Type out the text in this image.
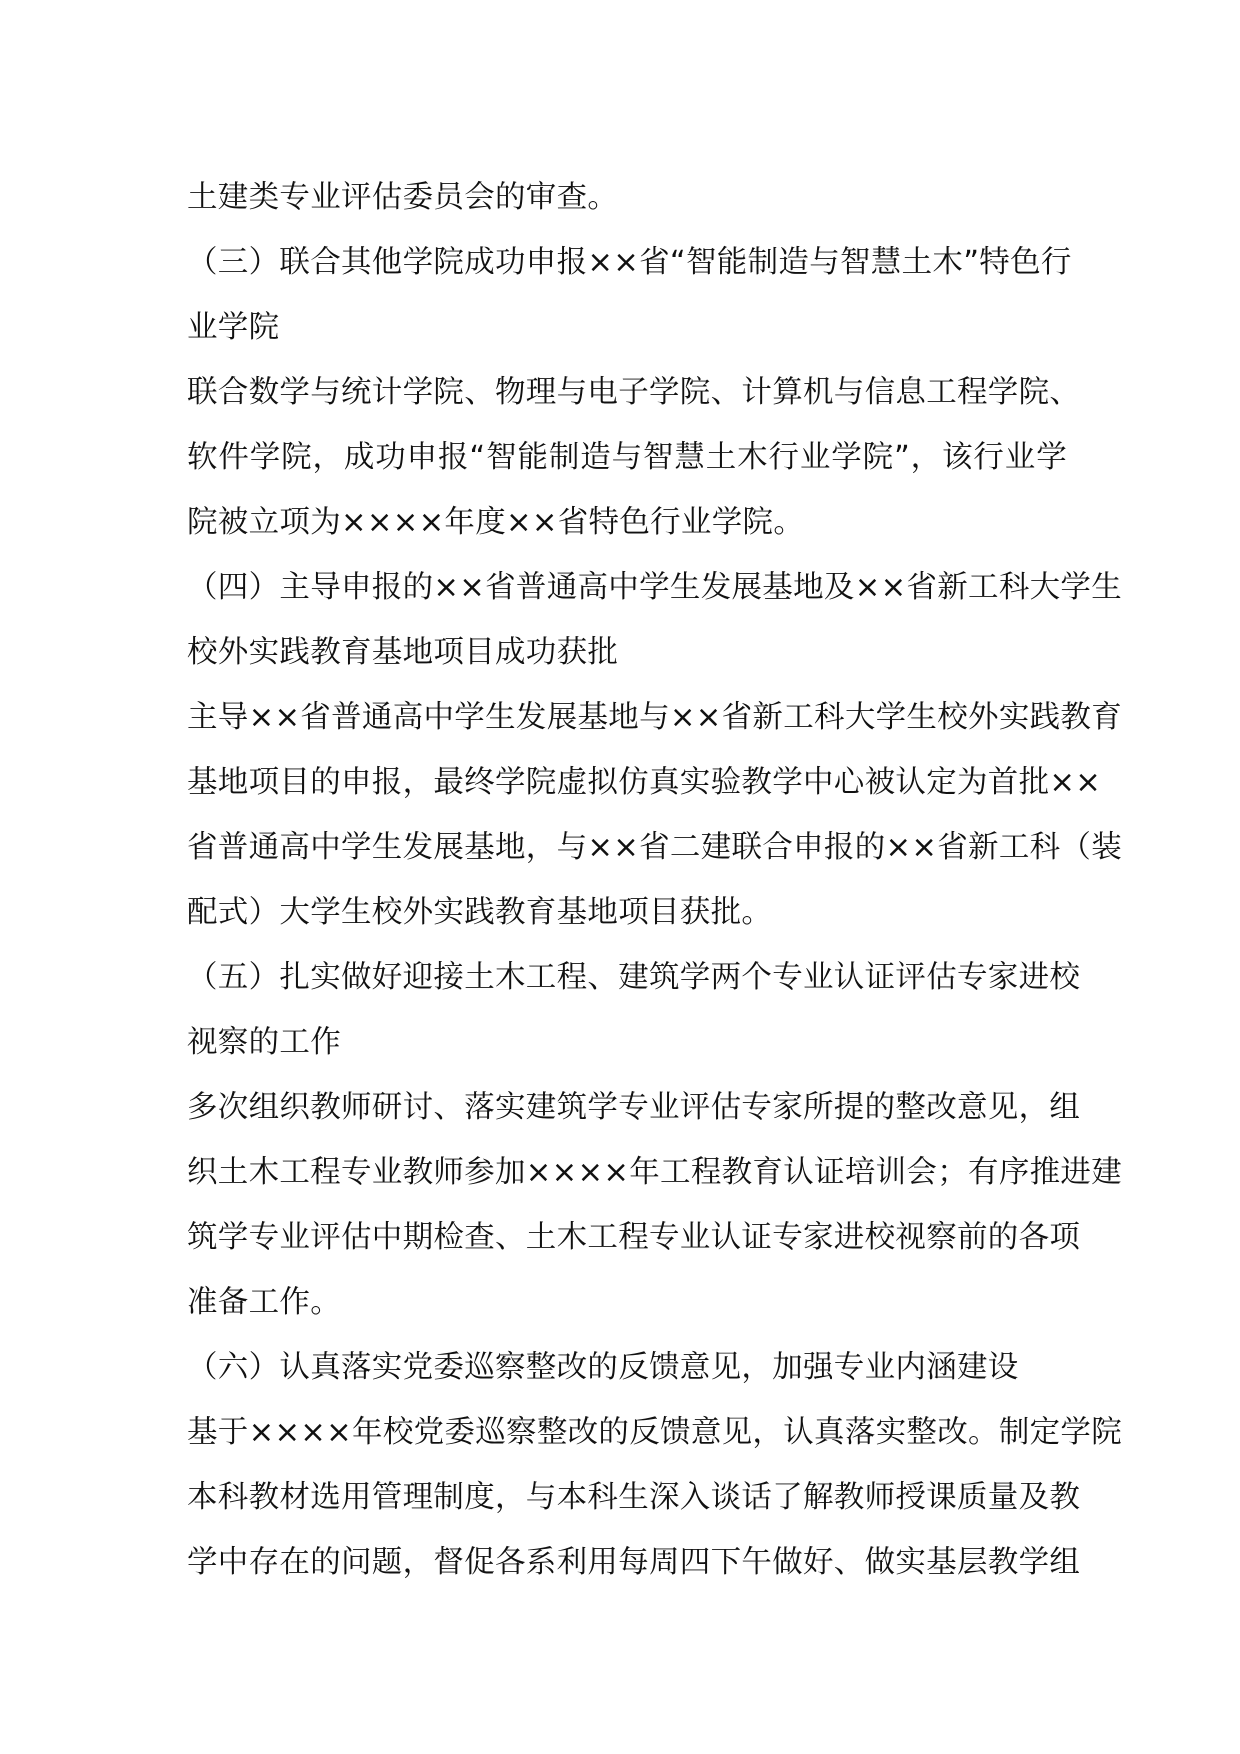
土建类专业评估委员会的审查。
（三）联合其他学院成功申报××省“智能制造与智慧土木”特色行
业学院
联合数学与统计学院、物理与电子学院、计算机与信息工程学院、
软件学院，成功申报“智能制造与智慧土木行业学院”，该行业学
院被立项为××××年度××省特色行业学院。
（四）主导申报的××省普通高中学生发展基地及××省新工科大学生
校外实践教育基地项目成功获批
主导××省普通高中学生发展基地与××省新工科大学生校外实践教育
基地项目的申报，最终学院虚拟仿真实验教学中心被认定为首批××
省普通高中学生发展基地，与××省二建联合申报的××省新工科（装
配式）大学生校外实践教育基地项目获批。
（五）扎实做好迎接土木工程、建筑学两个专业认证评估专家进校
视察的工作
多次组织教师研讨、落实建筑学专业评估专家所提的整改意见，组
织土木工程专业教师参加××××年工程教育认证培训会；有序推进建
筑学专业评估中期检查、土木工程专业认证专家进校视察前的各项
准备工作。
（六）认真落实党委巡察整改的反馈意见，加强专业内涵建设
基于××××年校党委巡察整改的反馈意见，认真落实整改。制定学院
本科教材选用管理制度，与本科生深入谈话了解教师授课质量及教
学中存在的问题，督促各系利用每周四下午做好、做实基层教学组
